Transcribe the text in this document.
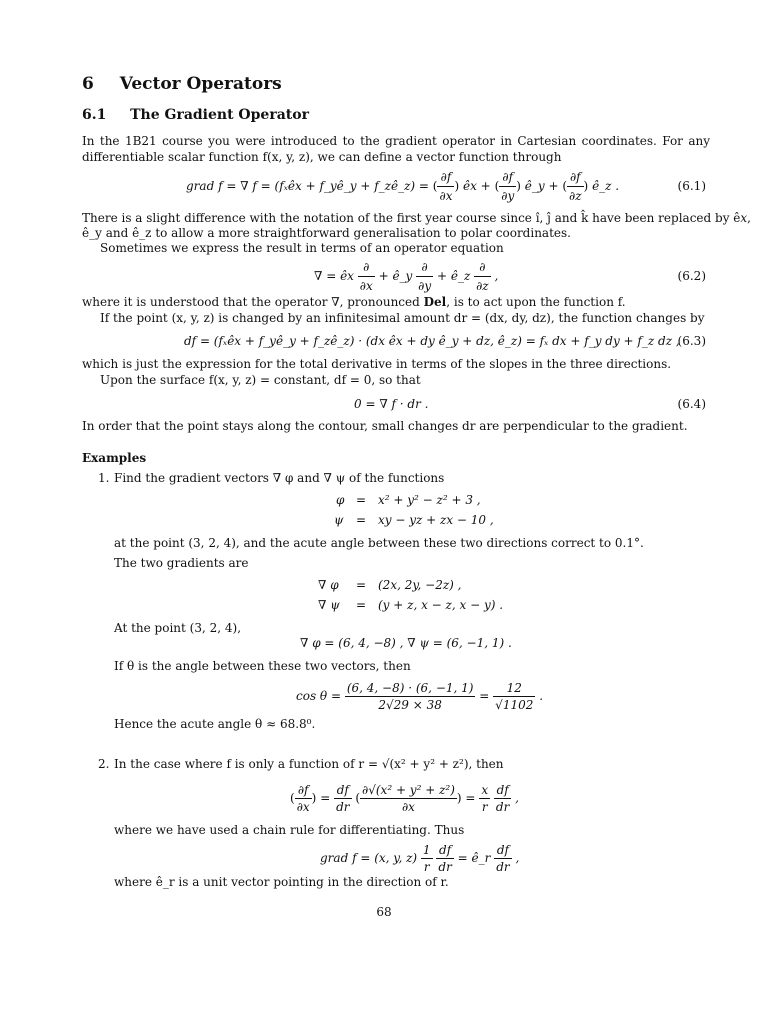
6 Vector Operators
6.1 The Gradient Operator
In the 1B21 course you were introduced to the gradient operator in Cartesian coordinates. For any differentiable scalar function f(x, y, z), we can define a vector function through
grad f = ∇ f = (fₓê𝑥 + f_yê_y + f_zê_z) = ( $\frac{\partial f}{\partial x}$ ) ê𝑥 + ( $\frac{\partial f}{\partial y}$ ) ê_y + ( $\frac{\partial f}{\partial z}$ ) ê_z .	(6.1)
There is a slight difference with the notation of the first year course since î, ĵ and k̂ have been replaced by ê𝑥,
ê_y and ê_z to allow a more straightforward generalisation to polar coordinates.
Sometimes we express the result in terms of an operator equation
∇ = ê𝑥 $\frac{\partial}{\partial x}$ + ê_y $\frac{\partial}{\partial y}$ + ê_z $\frac{\partial}{\partial z}$ ,	(6.2)
where it is understood that the operator ∇, pronounced Del, is to act upon the function f.
If the point (x, y, z) is changed by an infinitesimal amount dr = (dx, dy, dz), the function changes by
df = (fₓê𝑥 + f_yê_y + f_zê_z) · (dx ê𝑥 + dy ê_y + dz, ê_z) = fₓ dx + f_y dy + f_z dz ,
(6.3)
which is just the expression for the total derivative in terms of the slopes in the three directions.
Upon the surface f(x, y, z) = constant, df = 0, so that
0 = ∇ f · dr .	(6.4)
In order that the point stays along the contour, small changes dr are perpendicular to the gradient.
Examples
1. Find the gradient vectors ∇ φ and ∇ ψ of the functions
φ = x² + y² − z² + 3 ,
ψ = xy − yz + zx − 10 ,
at the point (3, 2, 4), and the acute angle between these two directions correct to 0.1°.
The two gradients are
∇ φ = (2x, 2y, −2z) ,
∇ ψ = (y + z, x − z, x − y) .
At the point (3, 2, 4),
∇ φ = (6, 4, −8) , ∇ ψ = (6, −1, 1) .
If θ is the angle between these two vectors, then
$\cos \theta = \frac{(6, 4, -8) \cdot (6, -1, 1)}{2√29 \times 38} = \frac{12}{√1102}$ .
Hence the acute angle θ ≈ 68.8⁰.
2. In the case where f is only a function of r = √(x² + y² + z²), then
( $\frac{\partial f}{\partial x}$ ) = $\frac{df}{dr}$ ( $\frac{\text{∂√(x² + y² + z²)}}{\partial x}$ ) = $\frac{x}{r}$
$\frac{df}{dr}$ ,
where we have used a chain rule for differentiating. Thus
grad f = (x, y, $z) \frac{1}{r}$
$\frac{df}{dr}$ = ê_r $\frac{df}{dr}$ ,
where ê_r is a unit vector pointing in the direction of r.
68
